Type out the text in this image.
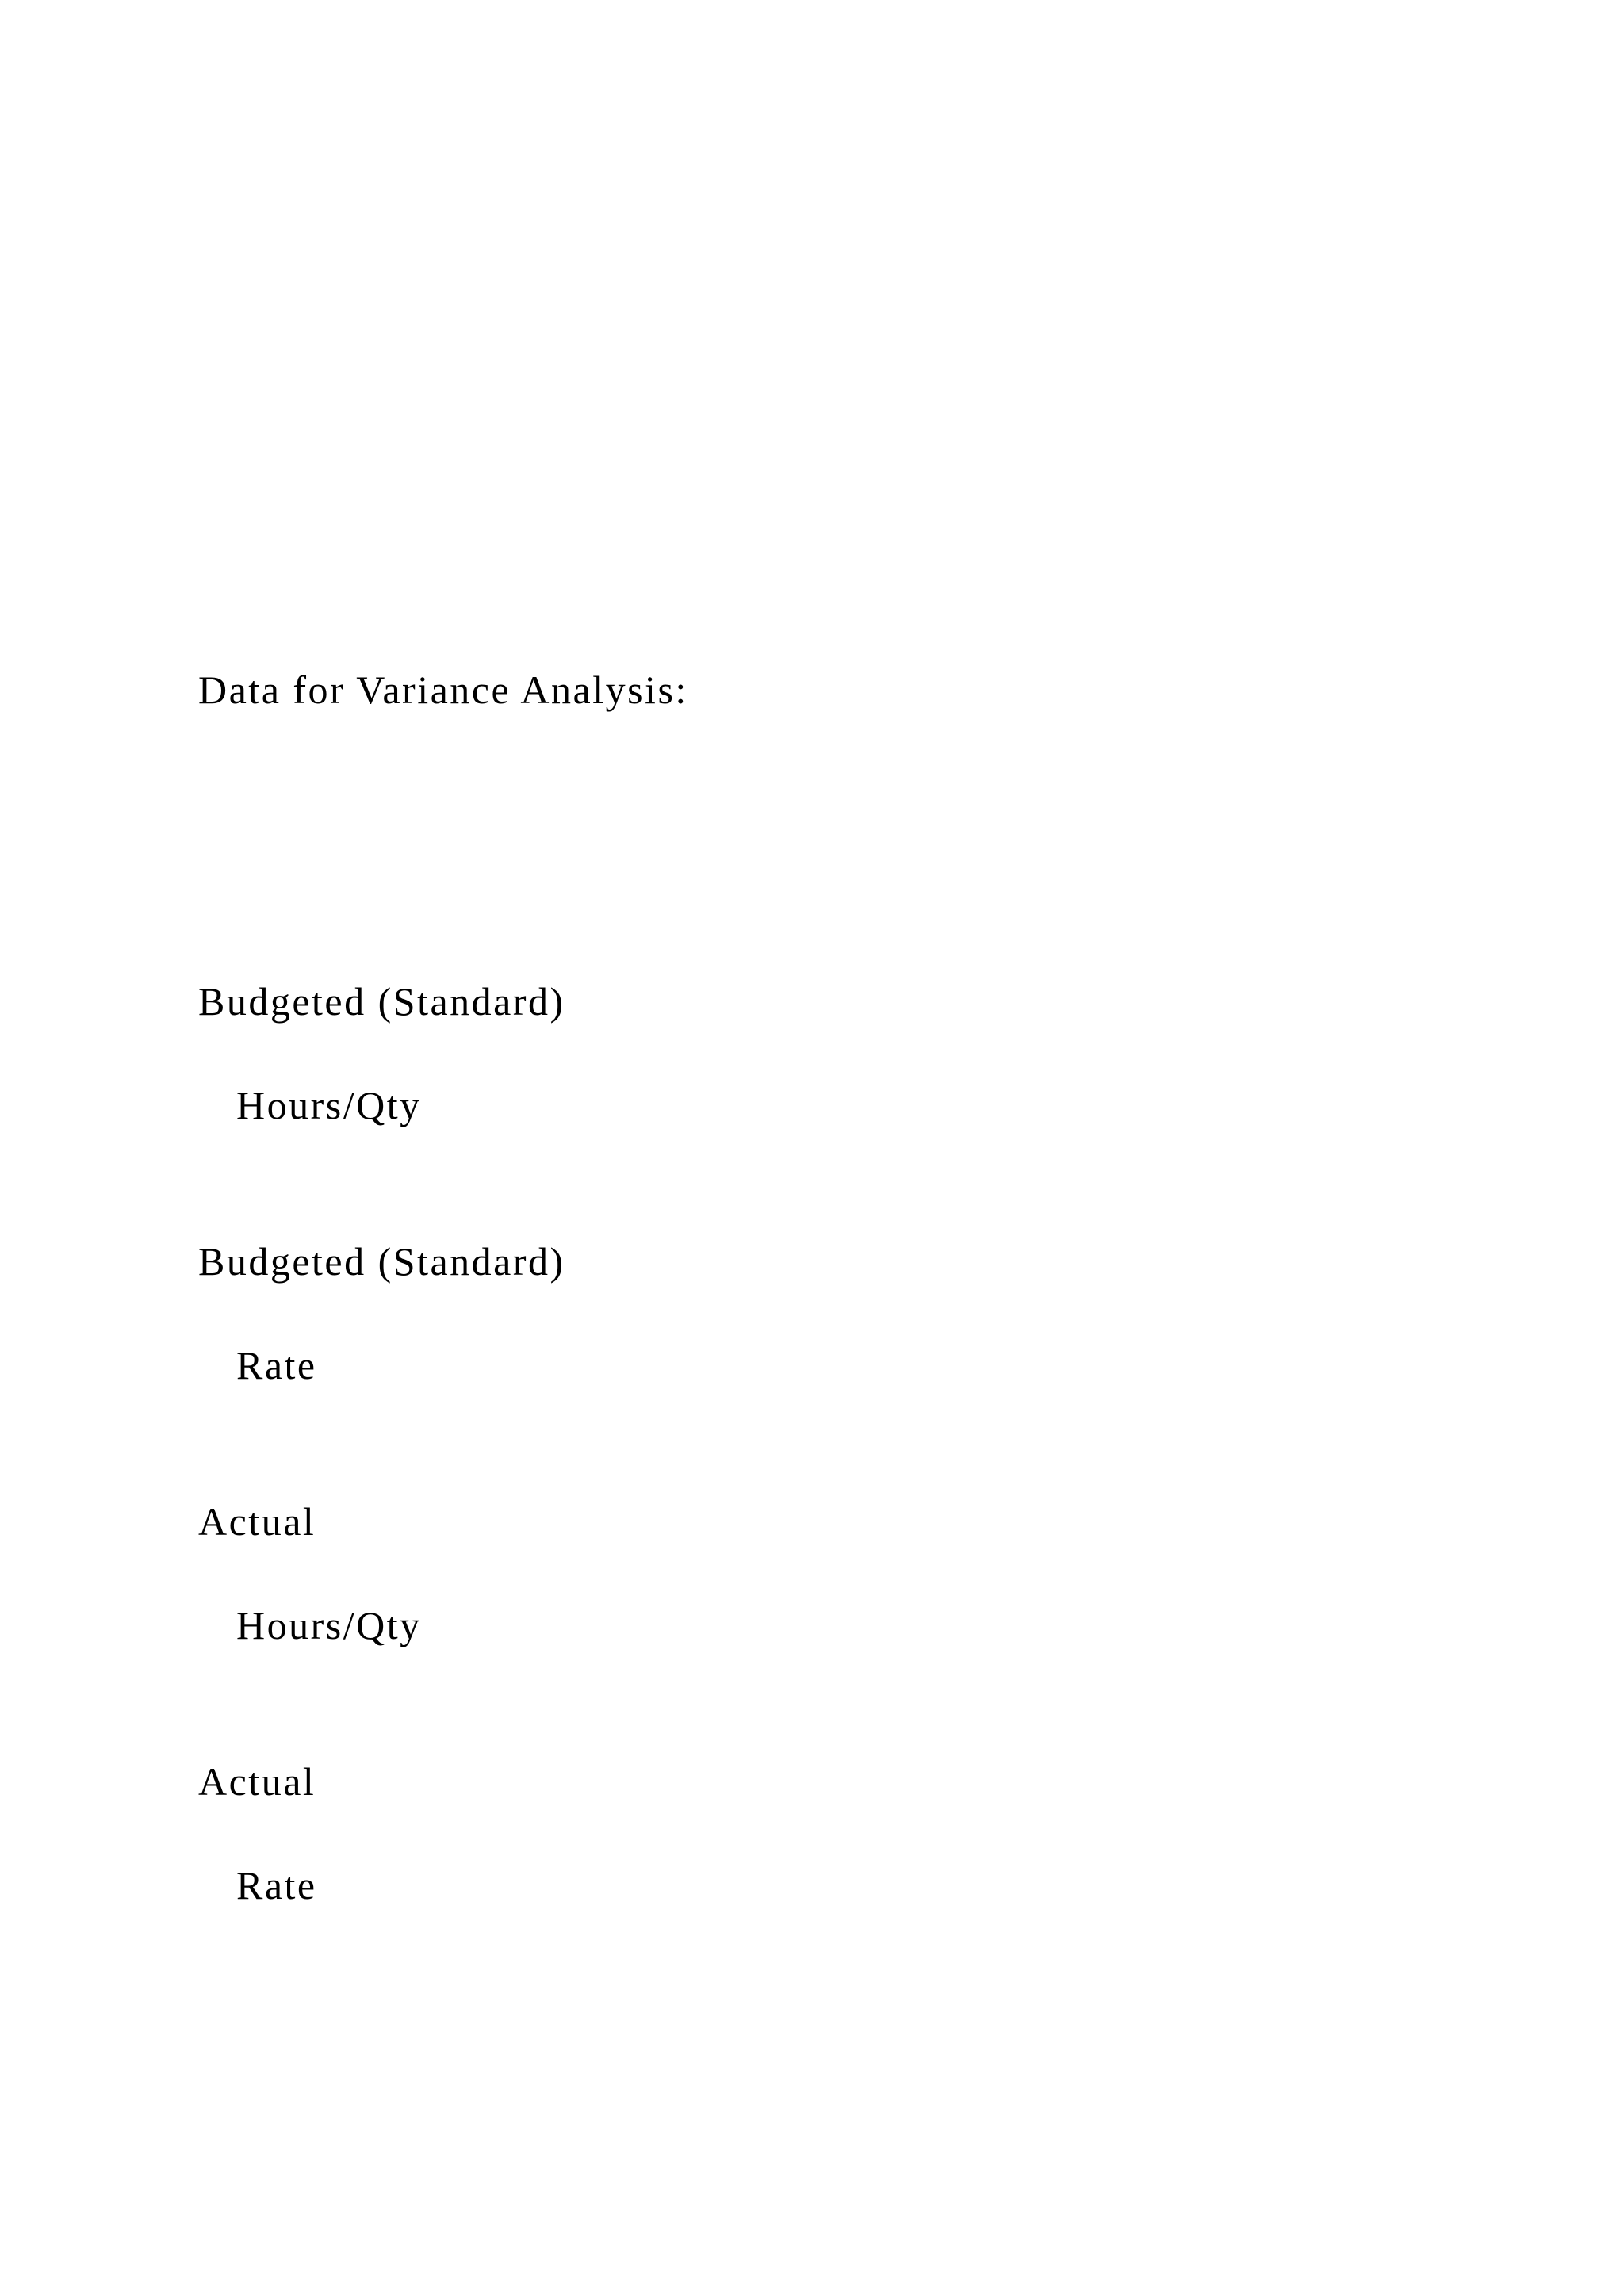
Data for Variance Analysis:

Budgeted (Standard)

Hours/Qty

Budgeted (Standard)

Rate

Actual

Hours/Qty

Actual

Rate
